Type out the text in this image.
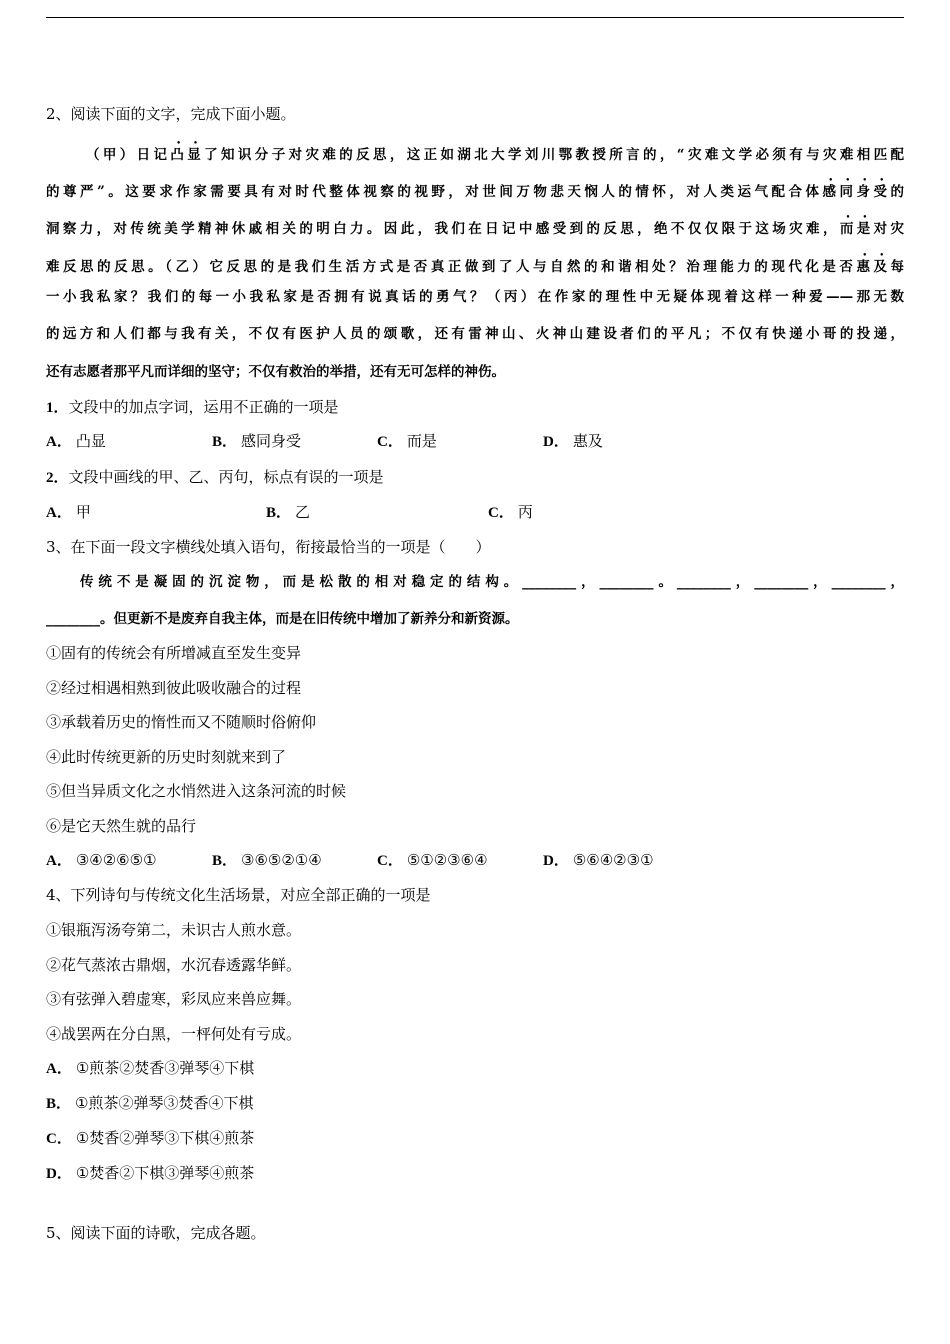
2、阅读下面的文字，完成下面小题。
（甲）日记凸显了知识分子对灾难的反思，这正如湖北大学刘川鄂教授所言的，“灾难文学必须有与灾难相匹配
的尊严”。这要求作家需要具有对时代整体视察的视野，对世间万物悲天悯人的情怀，对人类运气配合体感同身受的
洞察力，对传统美学精神休戚相关的明白力。因此，我们在日记中感受到的反思，绝不仅仅限于这场灾难，而是对灾
难反思的反思。（乙）它反思的是我们生活方式是否真正做到了人与自然的和谐相处？治理能力的现代化是否惠及每
一小我私家？我们的每一小我私家是否拥有说真话的勇气？（丙）在作家的理性中无疑体现着这样一种爱——那无数
的远方和人们都与我有关，不仅有医护人员的颂歌，还有雷神山、火神山建设者们的平凡；不仅有快递小哥的投递，
还有志愿者那平凡而详细的坚守；不仅有救治的举措，还有无可怎样的神伤。
1．文段中的加点字词，运用不正确的一项是
A． 凸显	B． 感同身受	C． 而是	D． 惠及
2．文段中画线的甲、乙、丙句，标点有误的一项是
A． 甲	B． 乙	C． 丙
3、在下面一段文字横线处填入语句，衔接最恰当的一项是（　　）
传统不是凝固的沉淀物，而是松散的相对稳定的结构。________，________。________，________，________，
________。但更新不是废弃自我主体，而是在旧传统中增加了新养分和新资源。
①固有的传统会有所增减直至发生变异
②经过相遇相熟到彼此吸收融合的过程
③承载着历史的惰性而又不随顺时俗俯仰
④此时传统更新的历史时刻就来到了
⑤但当异质文化之水悄然进入这条河流的时候
⑥是它天然生就的品行
A． ③④②⑥⑤①	B． ③⑥⑤②①④	C． ⑤①②③⑥④	D． ⑤⑥④②③①
4、下列诗句与传统文化生活场景，对应全部正确的一项是
①银瓶泻汤夸第二，未识古人煎水意。
②花气蒸浓古鼎烟，水沉春透露华鲜。
③有弦弹入碧虚寒，彩凤应来兽应舞。
④战罢两在分白黑，一枰何处有亏成。
A． ①煎茶②焚香③弹琴④下棋
B． ①煎茶②弹琴③焚香④下棋
C． ①焚香②弹琴③下棋④煎茶
D． ①焚香②下棋③弹琴④煎茶
5、阅读下面的诗歌，完成各题。
